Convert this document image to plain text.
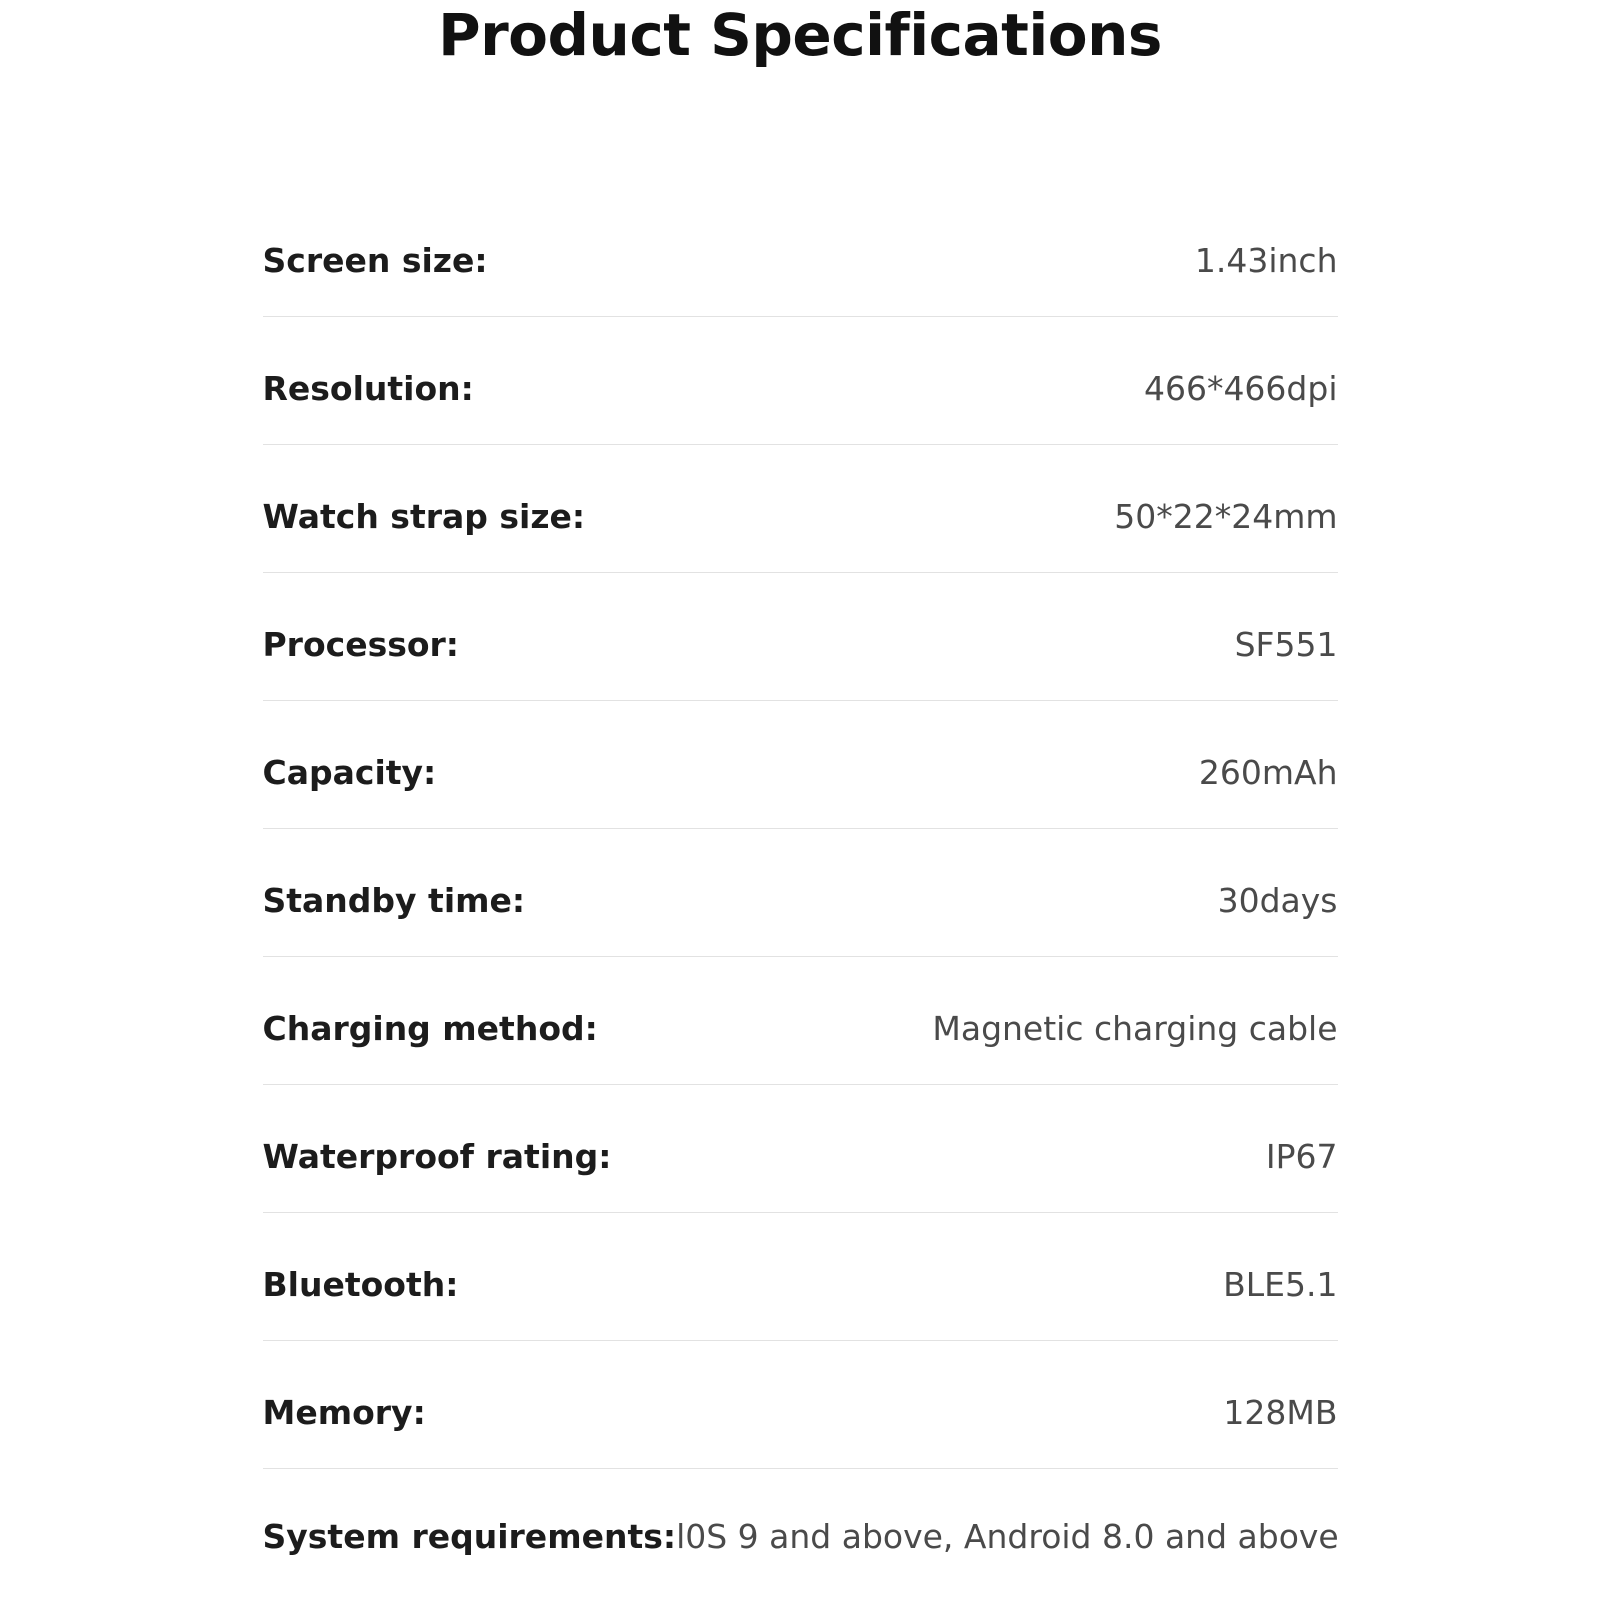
Product Specifications
Screen size:	1.43inch
Resolution:	466*466dpi
Watch strap size:	50*22*24mm
Processor:	SF551
Capacity:	260mAh
Standby time:	30days
Charging method:	Magnetic charging cable
Waterproof rating:	IP67
Bluetooth:	BLE5.1
Memory:	128MB
System requirements: l0S 9 and above, Android 8.0 and above
